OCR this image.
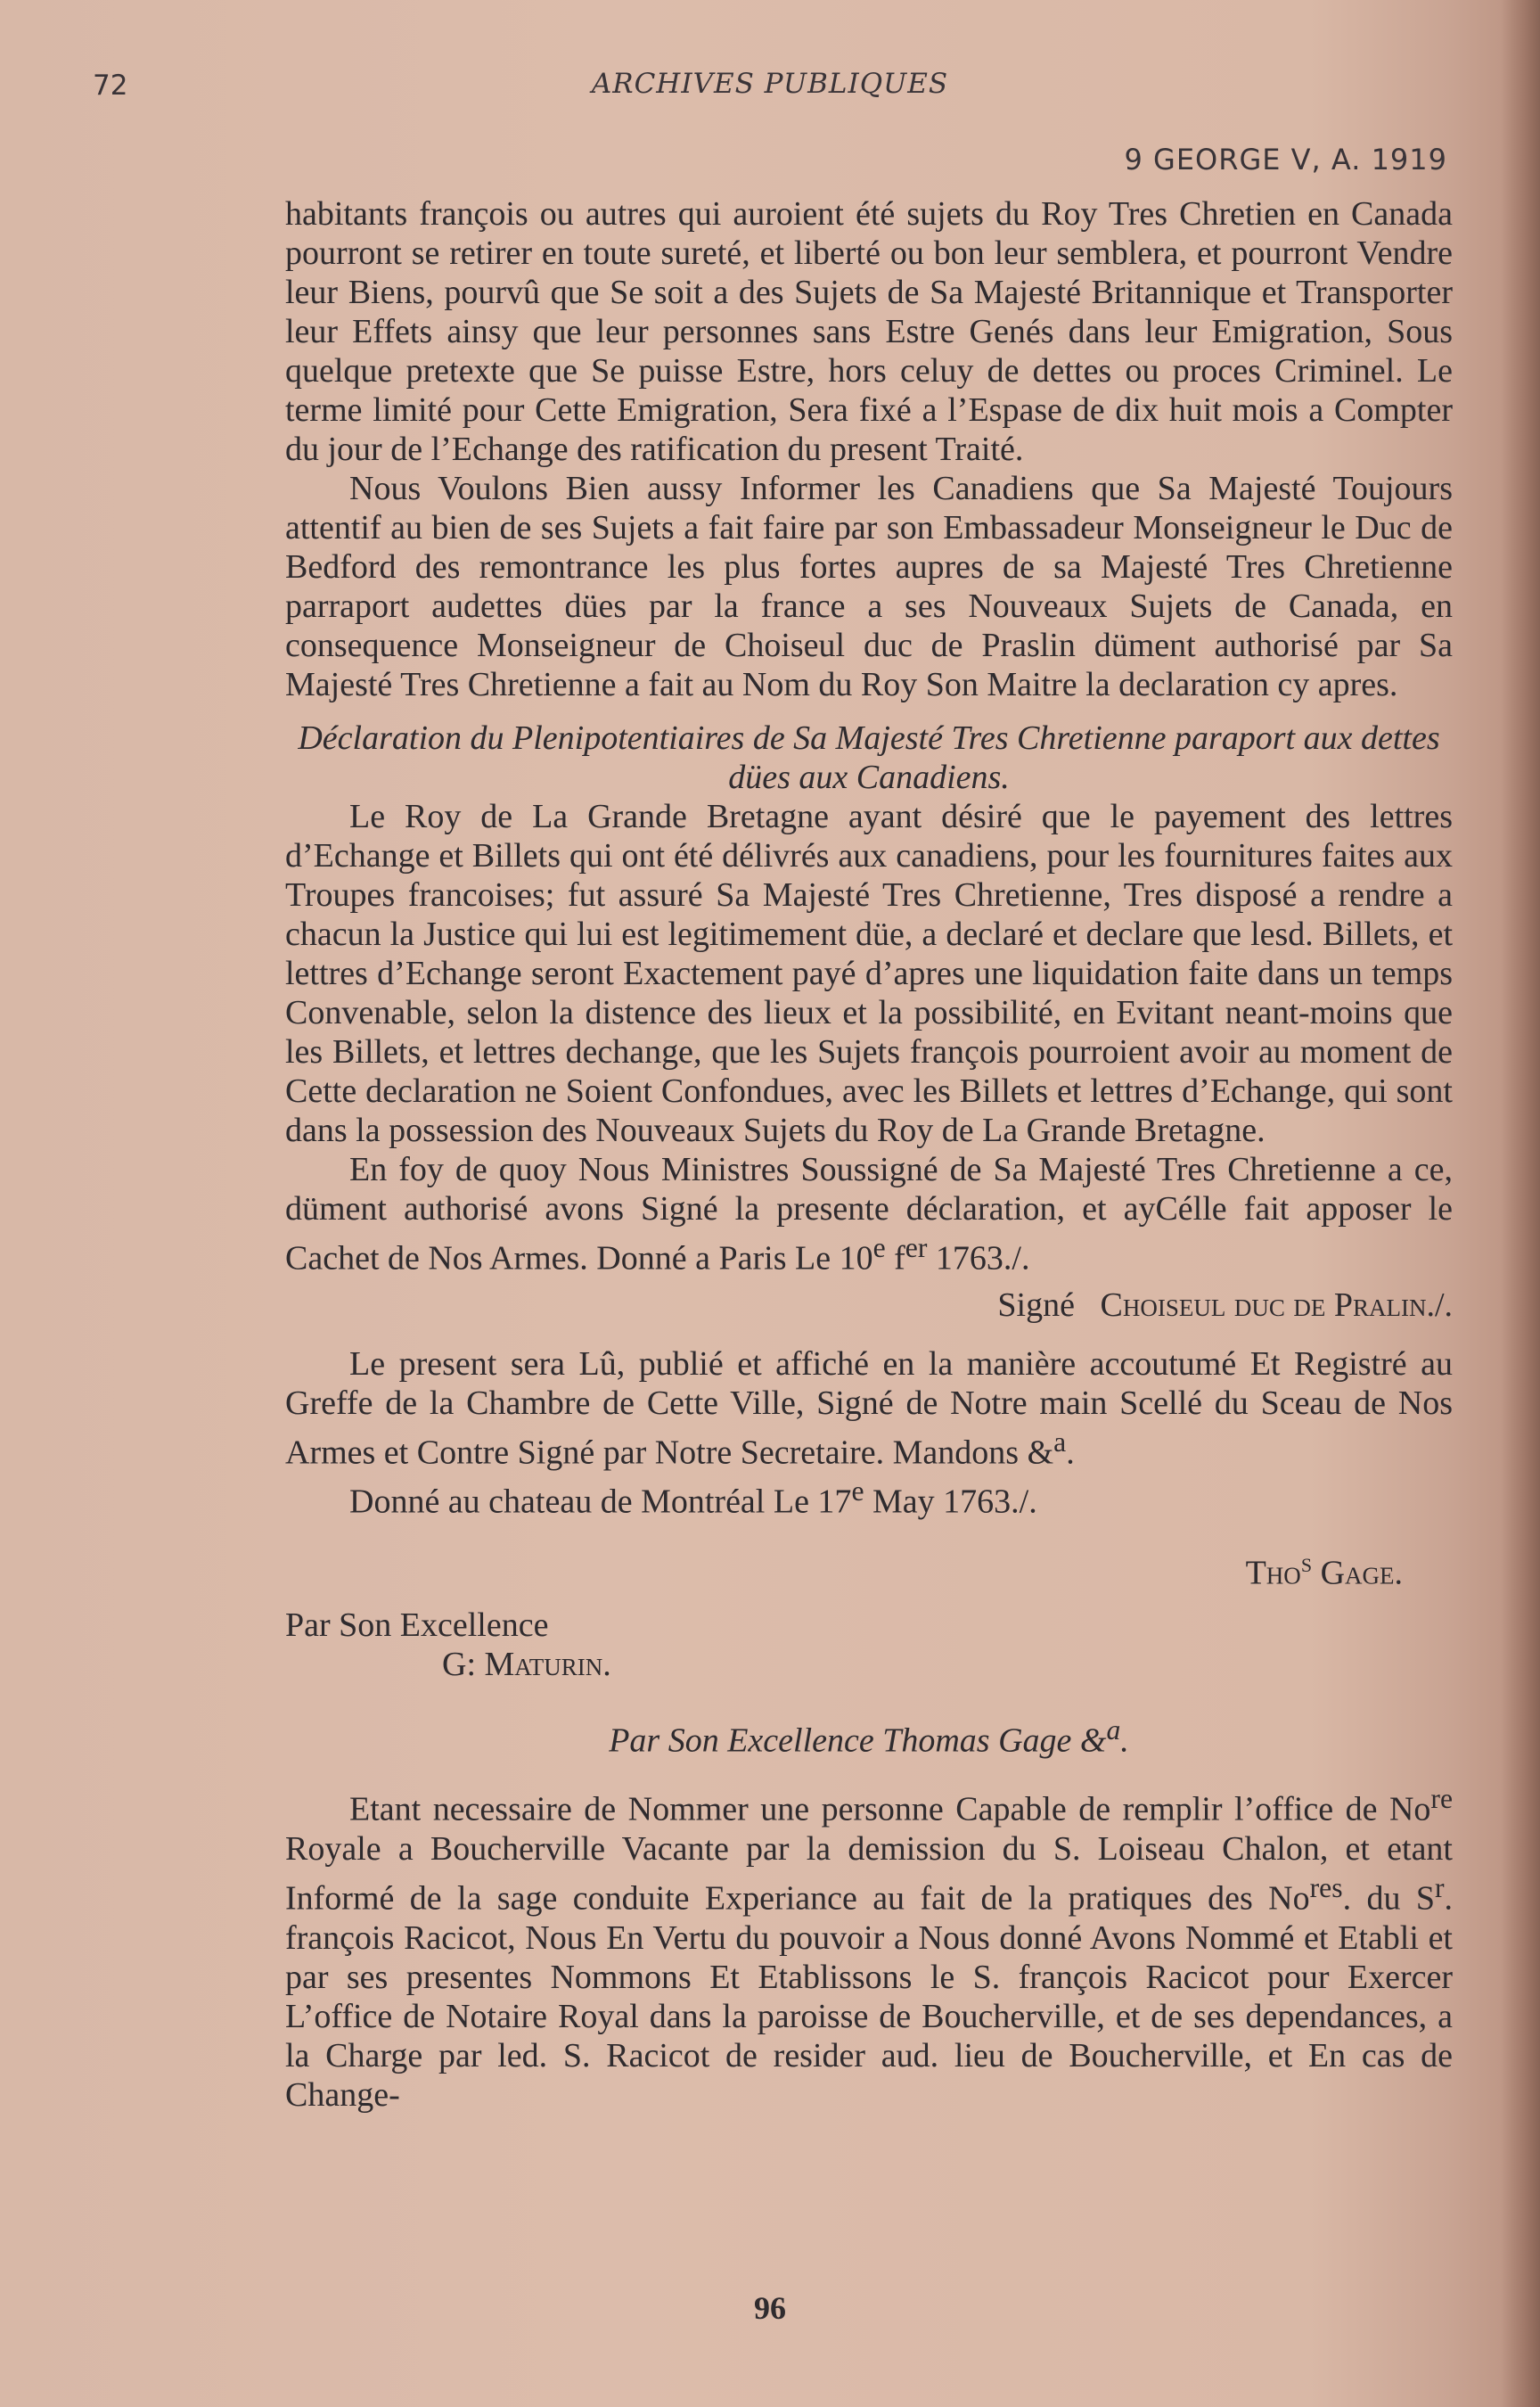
72	ARCHIVES PUBLIQUES
9 GEORGE V, A. 1919

habitants françois ou autres qui auroient été sujets du Roy Tres Chretien en Canada pourront se retirer en toute sureté, et liberté ou bon leur semblera, et pourront Vendre leur Biens, pourvû que Se soit a des Sujets de Sa Majesté Britannique et Transporter leur Effets ainsy que leur personnes sans Estre Genés dans leur Emigration, Sous quelque pretexte que Se puisse Estre, hors celuy de dettes ou proces Criminel. Le terme limité pour Cette Emigration, Sera fixé a l’Espase de dix huit mois a Compter du jour de l’Echange des ratification du present Traité.

Nous Voulons Bien aussy Informer les Canadiens que Sa Majesté Toujours attentif au bien de ses Sujets a fait faire par son Embassadeur Monseigneur le Duc de Bedford des remontrance les plus fortes aupres de sa Majesté Tres Chretienne parraport audettes dües par la france a ses Nouveaux Sujets de Canada, en consequence Monseigneur de Choiseul duc de Praslin düment authorisé par Sa Majesté Tres Chretienne a fait au Nom du Roy Son Maitre la declaration cy apres.

Déclaration du Plenipotentiaires de Sa Majesté Tres Chretienne paraport aux dettes dües aux Canadiens.

Le Roy de La Grande Bretagne ayant désiré que le payement des lettres d’Echange et Billets qui ont été délivrés aux canadiens, pour les fournitures faites aux Troupes francoises; fut assuré Sa Majesté Tres Chretienne, Tres disposé a rendre a chacun la Justice qui lui est legitimement düe, a declaré et declare que lesd. Billets, et lettres d’Echange seront Exactement payé d’apres une liquidation faite dans un temps Convenable, selon la distence des lieux et la possibilité, en Evitant neant-moins que les Billets, et lettres dechange, que les Sujets françois pourroient avoir au moment de Cette declaration ne Soient Confondues, avec les Billets et lettres d’Echange, qui sont dans la possession des Nouveaux Sujets du Roy de La Grande Bretagne.

En foy de quoy Nous Ministres Soussigné de Sa Majesté Tres Chretienne a ce, düment authorisé avons Signé la presente déclaration, et ayCélle fait apposer le Cachet de Nos Armes. Donné a Paris Le 10e $f^{er}$ 1763./.

Signé Choiseul duc de Pralin./.

Le present sera Lû, publié et affiché en la manière accoutumé Et Registré au Greffe de la Chambre de Cette Ville, Signé de Notre main Scellé du Sceau de Nos Armes et Contre Signé par Notre Secretaire. Mandons &$^a$.

Donné au chateau de Montréal Le 17e May 1763./.

Tho$^s$ Gage.

Par Son Excellence

G: Maturin.

Par Son Excellence Thomas Gage &$^a$.

Etant necessaire de Nommer une personne Capable de remplir l’office de $No^{re}$ Royale a Boucherville Vacante par la demission du S. Loiseau Chalon, et etant Informé de la sage conduite Experiance au fait de la pratiques des $No^{res}$. du $S^r$. françois Racicot, Nous En Vertu du pouvoir a Nous donné Avons Nommé et Etabli et par ses presentes Nommons Et Etablissons le S. françois Racicot pour Exercer L’office de Notaire Royal dans la paroisse de Boucherville, et de ses dependances, a la Charge par led. S. Racicot de resider aud. lieu de Boucherville, et En cas de Change-

96
